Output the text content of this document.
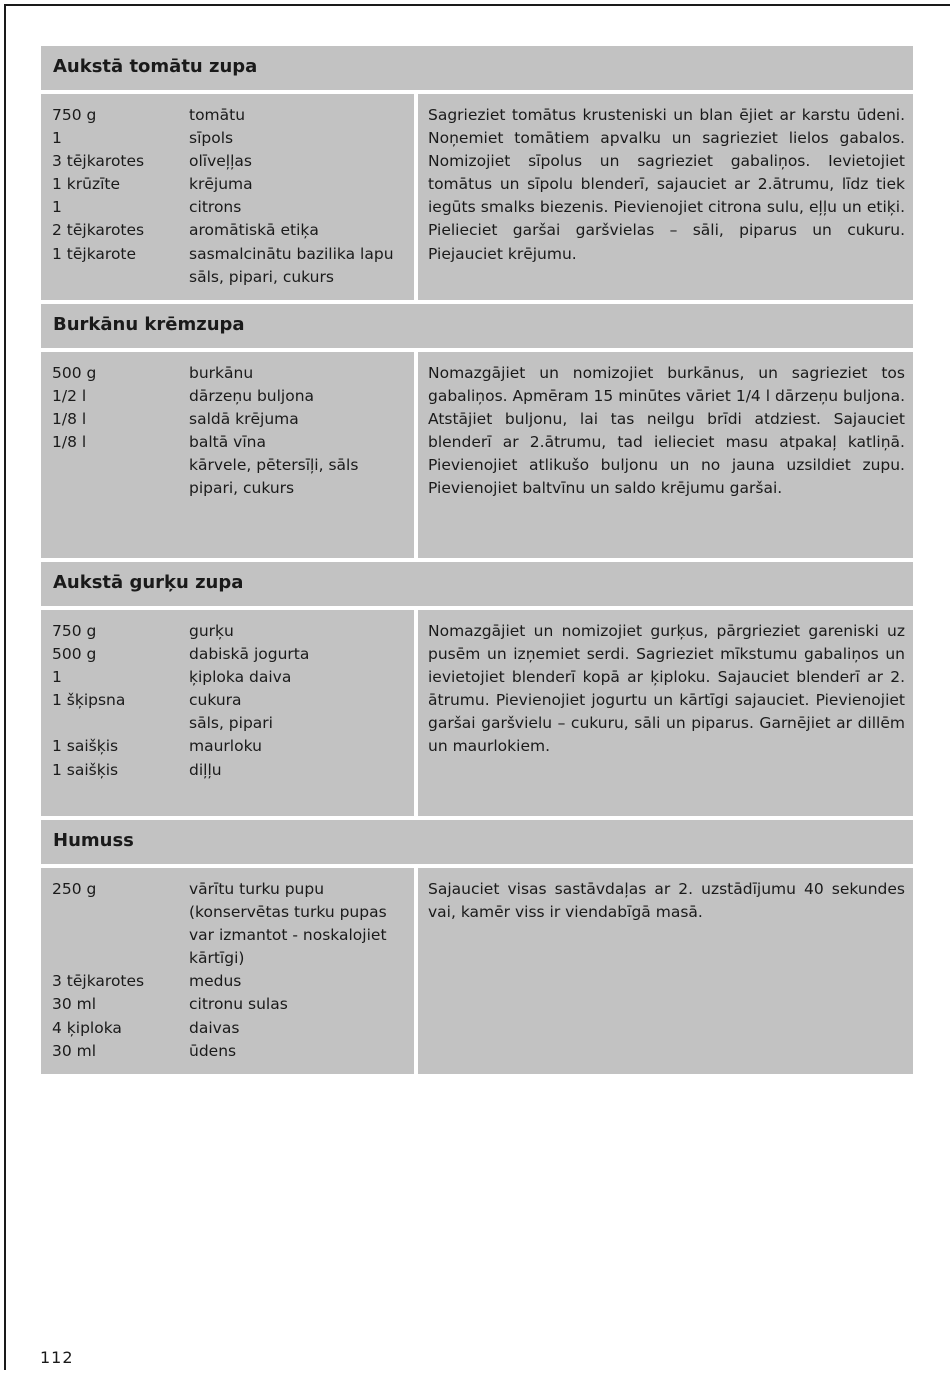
Aukstā tomātu zupa
750 g	tomātu
1	sīpols
3 tējkarotes	olīveļļas
1 krūzīte	krējuma
1	citrons
2 tējkarotes	aromātiskā etiķa
1 tējkarote	sasmalcinātu bazilika lapu
sāls, pipari, cukurs
Sagrieziet tomātus krusteniski un blan ējiet ar karstu ūdeni. Noņemiet tomātiem apvalku un sagrieziet lielos gabalos. Nomizojiet sīpolus un sagrieziet gabaliņos. Ievietojiet tomātus un sīpolu blenderī, sajauciet ar 2.ātrumu, līdz tiek iegūts smalks biezenis. Pievienojiet citrona sulu, eļļu un etiķi. Pielieciet garšai garšvielas – sāli, piparus un cukuru. Piejauciet krējumu.
Burkānu krēmzupa
500 g	burkānu
1/2 l	dārzeņu buljona
1/8 l	saldā krējuma
1/8 l	baltā vīna
kārvele, pētersīļi, sāls
pipari, cukurs
Nomazgājiet un nomizojiet burkānus, un sagrieziet tos gabaliņos. Apmēram 15 minūtes vāriet 1/4 l dārzeņu buljona. Atstājiet buljonu, lai tas neilgu brīdi atdziest. Sajauciet blenderī ar 2.ātrumu, tad ielieciet masu atpakaļ katliņā. Pievienojiet atlikušo buljonu un no jauna uzsildiet zupu. Pievienojiet baltvīnu un saldo krējumu garšai.
Aukstā gurķu zupa
750 g	gurķu
500 g	dabiskā jogurta
1	ķiploka daiva
1 šķipsna	cukura
sāls, pipari
1 saišķis	maurloku
1 saišķis	diļļu
Nomazgājiet un nomizojiet gurķus, pārgrieziet gareniski uz pusēm un izņemiet serdi. Sagrieziet mīkstumu gabaliņos un ievietojiet blenderī kopā ar ķiploku. Sajauciet blenderī ar 2. ātrumu. Pievienojiet jogurtu un kārtīgi sajauciet. Pievienojiet garšai garšvielu – cukuru, sāli un piparus. Garnējiet ar dillēm un maurlokiem.
Humuss
250 g	vārītu turku pupu (konservētas turku pupas var izmantot - noskalojiet kārtīgi)
3 tējkarotes	medus
30 ml	citronu sulas
4 ķiploka	daivas
30 ml	ūdens
Sajauciet visas sastāvdaļas ar 2. uzstādījumu 40 sekundes vai, kamēr viss ir viendabīgā masā.
112
